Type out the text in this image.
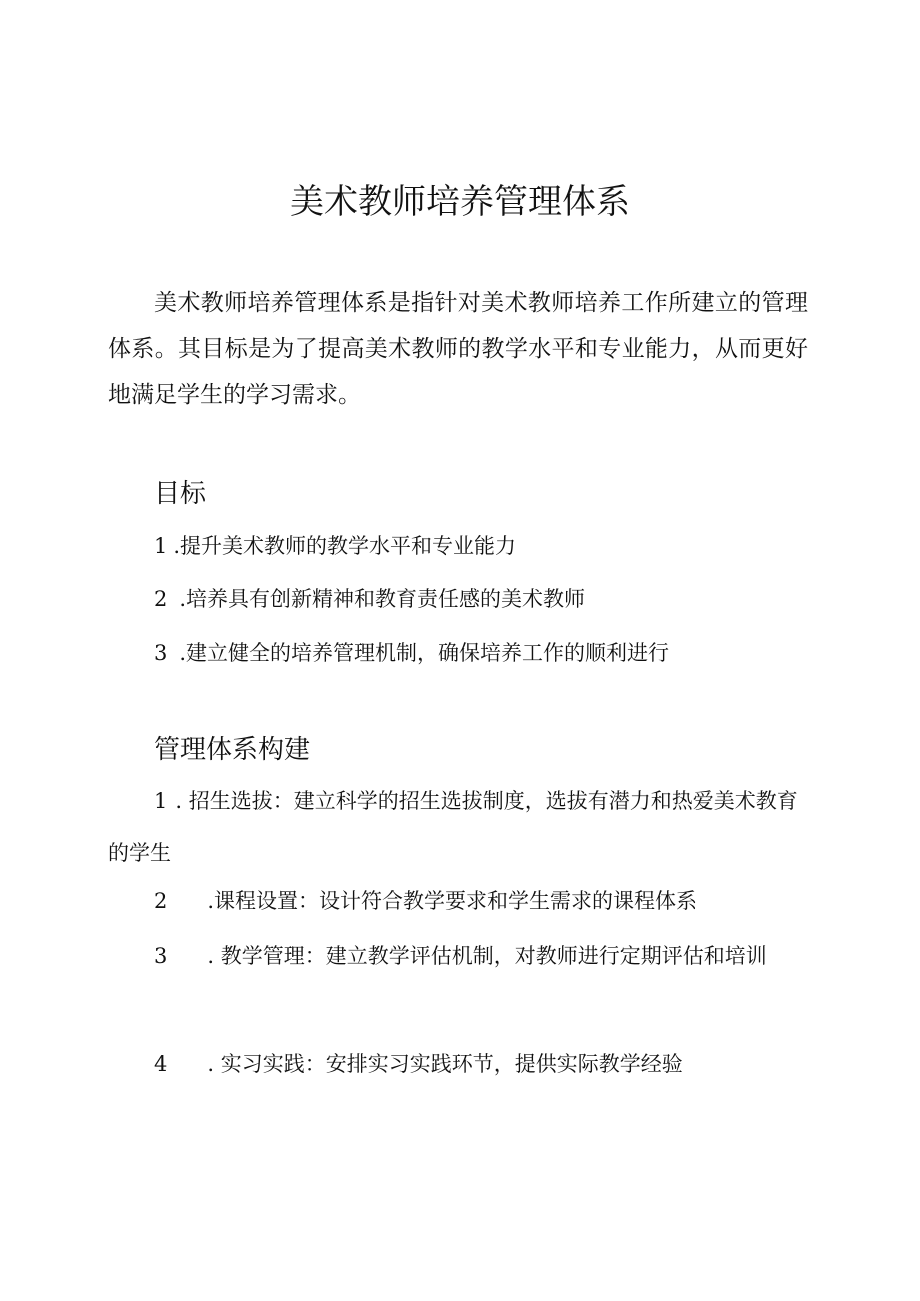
美术教师培养管理体系

美术教师培养管理体系是指针对美术教师培养工作所建立的管理体系。其目标是为了提高美术教师的教学水平和专业能力，从而更好地满足学生的学习需求。

目标

1 .提升美术教师的教学水平和专业能力

2 .培养具有创新精神和教育责任感的美术教师

3 .建立健全的培养管理机制，确保培养工作的顺利进行

管理体系构建

1 . 招生选拔：建立科学的招生选拔制度，选拔有潜力和热爱美术教育的学生

2 .课程设置：设计符合教学要求和学生需求的课程体系

3 . 教学管理：建立教学评估机制，对教师进行定期评估和培训

4 . 实习实践：安排实习实践环节，提供实际教学经验
